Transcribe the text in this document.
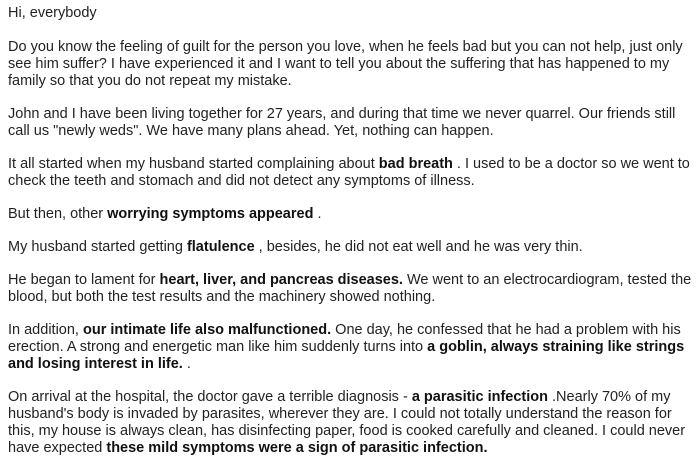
Hi, everybody

Do you know the feeling of guilt for the person you love, when he feels bad but you can not help, just only see him suffer? I have experienced it and I want to tell you about the suffering that has happened to my family so that you do not repeat my mistake.

John and I have been living together for 27 years, and during that time we never quarrel. Our friends still call us "newly weds". We have many plans ahead. Yet, nothing can happen.

It all started when my husband started complaining about bad breath . I used to be a doctor so we went to check the teeth and stomach and did not detect any symptoms of illness.

But then, other worrying symptoms appeared .

My husband started getting flatulence , besides, he did not eat well and he was very thin.

He began to lament for heart, liver, and pancreas diseases. We went to an electrocardiogram, tested the blood, but both the test results and the machinery showed nothing.

In addition, our intimate life also malfunctioned. One day, he confessed that he had a problem with his erection. A strong and energetic man like him suddenly turns into a goblin, always straining like strings and losing interest in life. .

On arrival at the hospital, the doctor gave a terrible diagnosis - a parasitic infection .Nearly 70% of my husband's body is invaded by parasites, wherever they are. I could not totally understand the reason for this, my house is always clean, has disinfecting paper, food is cooked carefully and cleaned. I could never have expected these mild symptoms were a sign of parasitic infection.
